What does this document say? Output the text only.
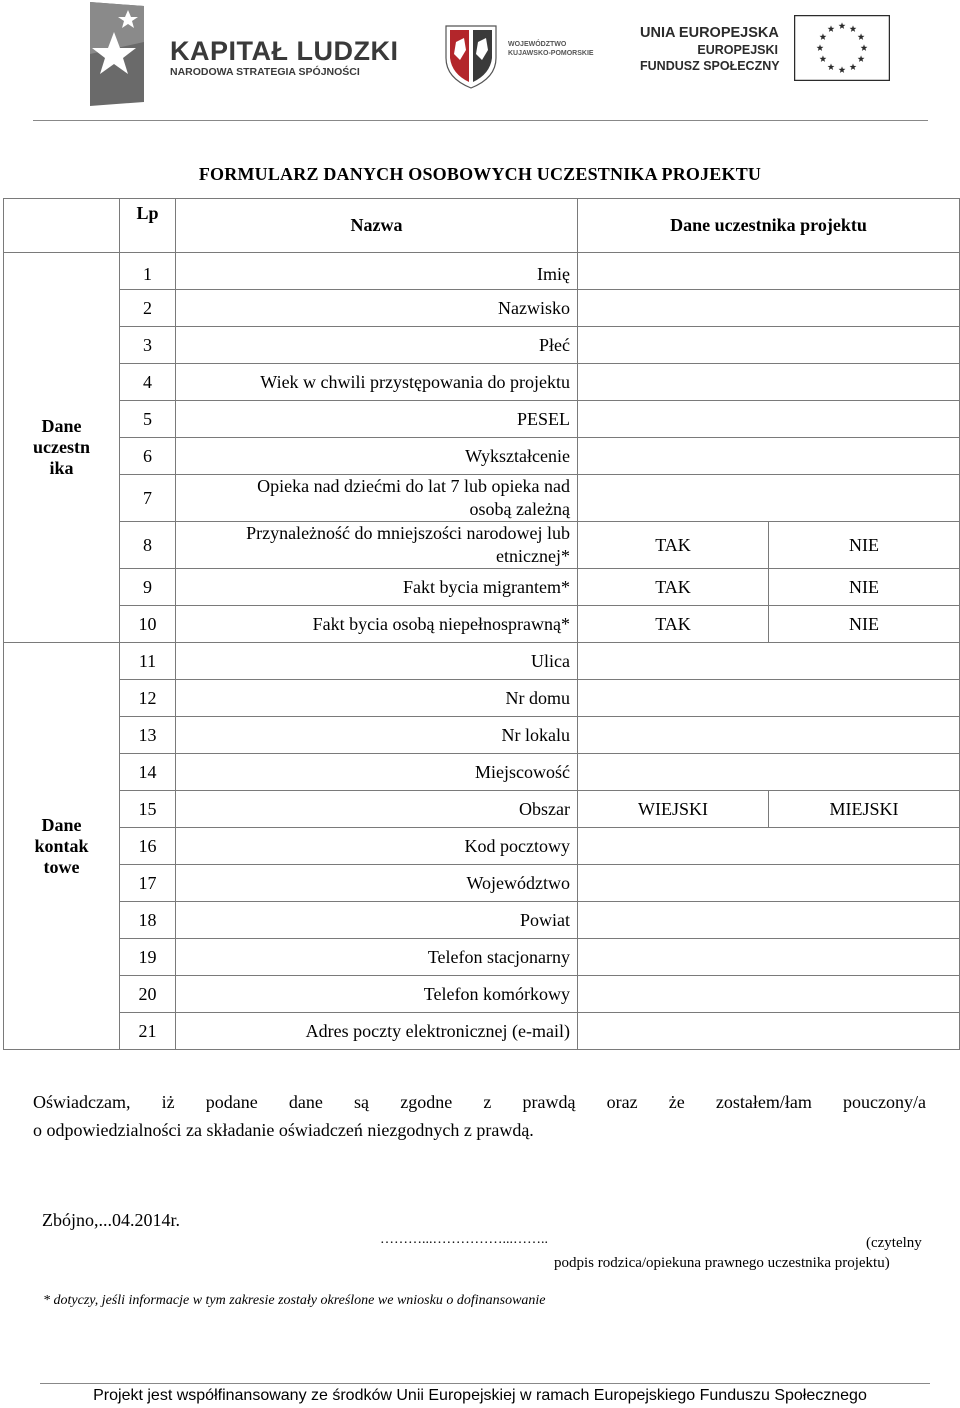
KAPITAŁ LUDZKI
NARODOWA STRATEGIA SPÓJNOŚCI
WOJEWÓDZTWO
KUJAWSKO-POMORSKIE
UNIA EUROPEJSKA
EUROPEJSKI
FUNDUSZ SPOŁECZNY
FORMULARZ DANYCH OSOBOWYCH UCZESTNIKA PROJEKTU
	Lp	Nazwa	Dane uczestnika projektu	

Dane
uczestn
ika	1	Imię		
	2	Nazwisko		
	3	Płeć		
	4	Wiek w chwili przystępowania do projektu		
	5	PESEL		
	6	Wykształcenie		
	7	Opieka nad dziećmi do lat 7 lub opieka nad
osobą zależną		

	8	Przynależność do mniejszości narodowej lub
etnicznej*	TAK	NIE
	9	Fakt bycia migrantem*	TAK	NIE
	10	Fakt bycia osobą niepełnosprawną*	TAK	NIE

Dane
kontak
towe	11	Ulica		
	12	Nr domu		
	13	Nr lokalu		
	14	Miejscowość		
	15	Obszar	WIEJSKI	MIEJSKI
	16	Kod pocztowy		
	17	Województwo		
	18	Powiat		
	19	Telefon stacjonarny		
	20	Telefon komórkowy		
	21	Adres poczty elektronicznej (e-mail)		
Oświadczam, iż podane dane są zgodne z prawdą oraz że zostałem/łam pouczony/a
o odpowiedzialności za składanie oświadczeń niezgodnych z prawdą.
Zbójno,...04.2014r.
………...……………...……..	(czytelny
podpis rodzica/opiekuna prawnego uczestnika projektu)
* dotyczy, jeśli informacje w tym zakresie zostały określone we wniosku o dofinansowanie
Projekt jest współfinansowany ze środków Unii Europejskiej w ramach Europejskiego Funduszu Społecznego
